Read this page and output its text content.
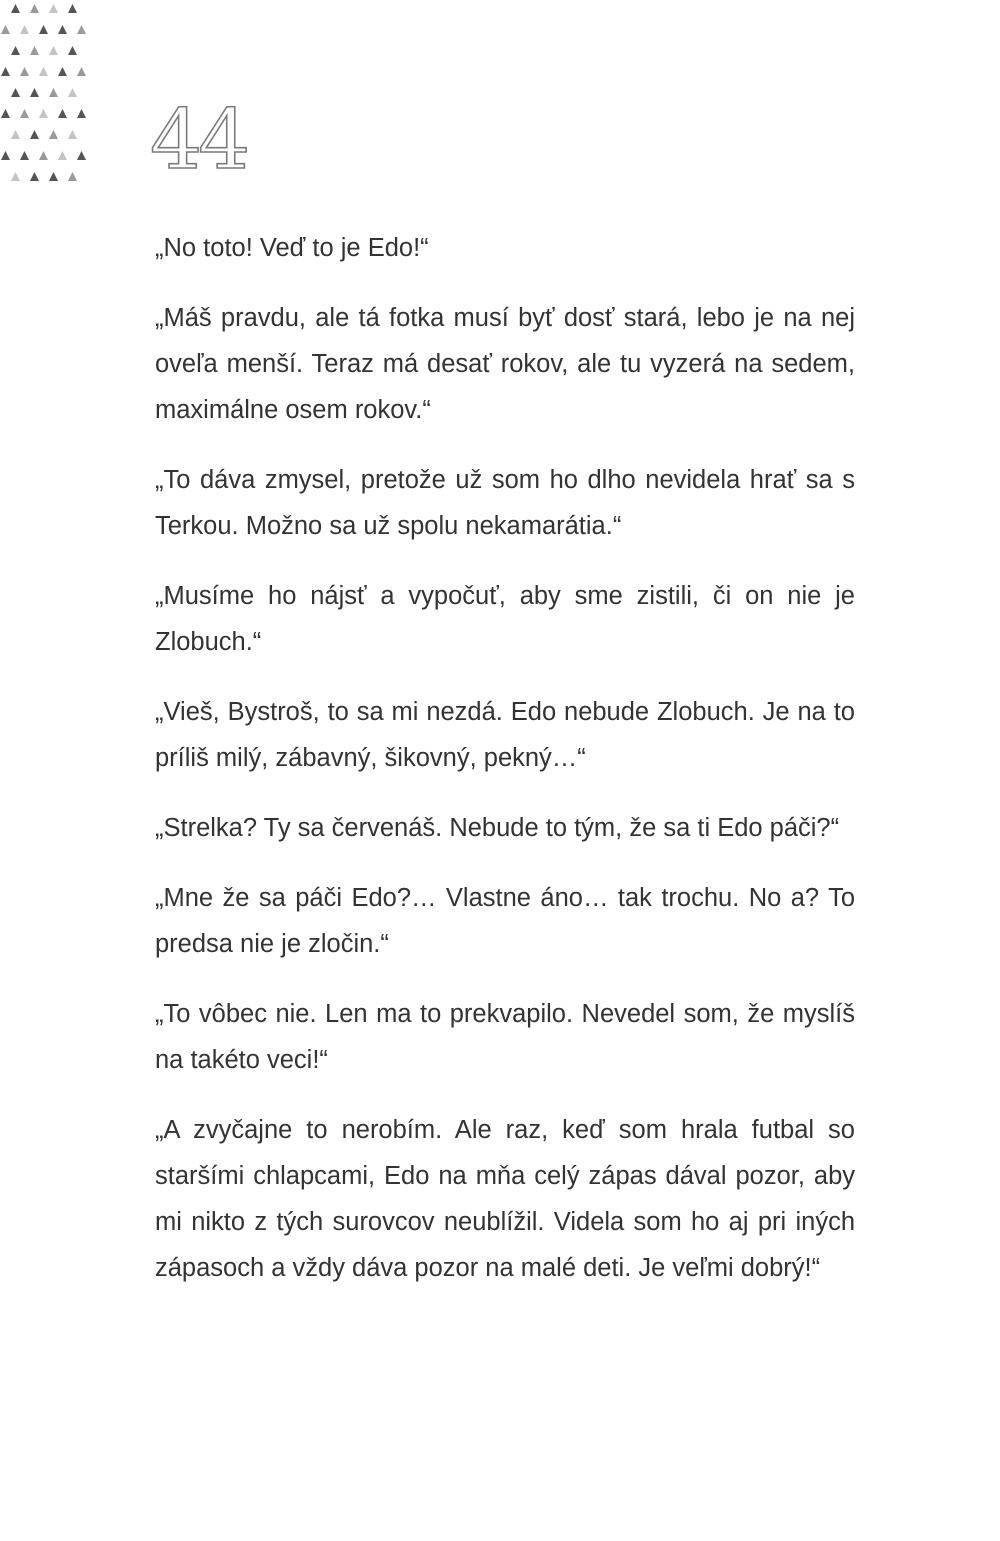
44

„No toto! Veď to je Edo!“

„Máš pravdu, ale tá fotka musí byť dosť stará, lebo je na nej oveľa menší. Teraz má desať rokov, ale tu vyzerá na sedem, maximálne osem rokov.“

„To dáva zmysel, pretože už som ho dlho nevidela hrať sa s Terkou. Možno sa už spolu nekamarátia.“

„Musíme ho nájsť a vypočuť, aby sme zistili, či on nie je Zlobuch.“

„Vieš, Bystroš, to sa mi nezdá. Edo nebude Zlobuch. Je na to príliš milý, zábavný, šikovný, pekný…“

„Strelka? Ty sa červenáš. Nebude to tým, že sa ti Edo páči?“

„Mne že sa páči Edo?… Vlastne áno… tak trochu. No a? To predsa nie je zločin.“

„To vôbec nie. Len ma to prekvapilo. Nevedel som, že myslíš na takéto veci!“

„A zvyčajne to nerobím. Ale raz, keď som hrala futbal so staršími chlapcami, Edo na mňa celý zápas dával pozor, aby mi nikto z tých surovcov neublížil. Videla som ho aj pri iných zápasoch a vždy dáva pozor na malé deti. Je veľmi dobrý!“
